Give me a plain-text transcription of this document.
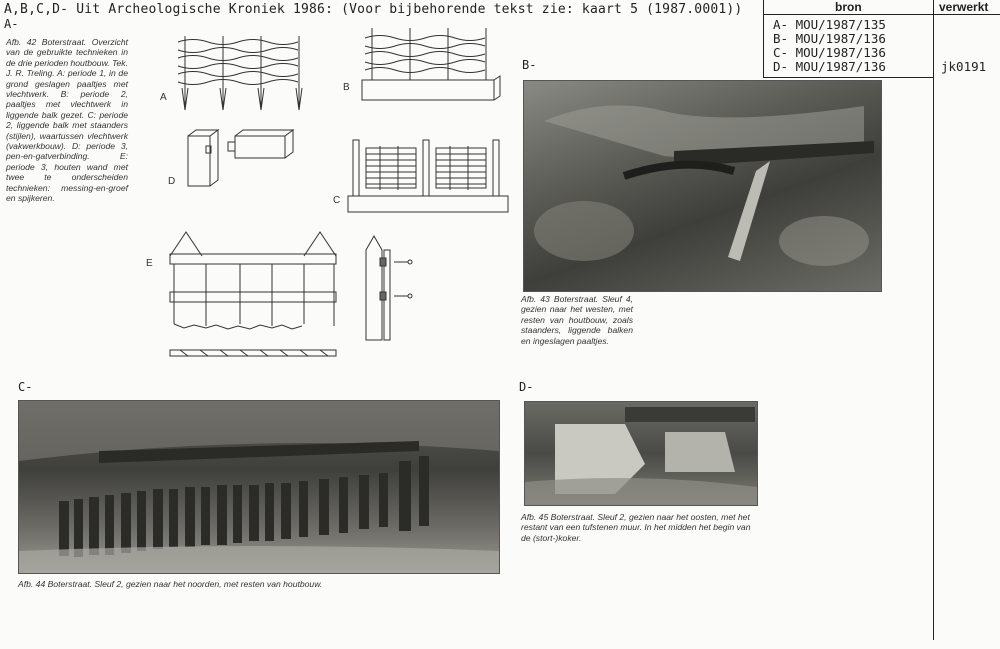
A,B,C,D- Uit Archeologische Kroniek 1986: (Voor bijbehorende tekst zie: kaart 5 (1987.0001))
A-
bron	verwerkt
A- MOU/1987/135
B- MOU/1987/136
C- MOU/1987/136
D- MOU/1987/136	jk0191
Afb. 42 Boterstraat. Overzicht van de gebruikte technieken in de drie perioden houtbouw. Tek. J. R. Treling. A: periode 1, in de grond geslagen paaltjes met vlechtwerk. B: periode 2, paaltjes met vlechtwerk in liggende balk gezet. C: periode 2, liggende balk met staanders (stijlen), waartussen vlechtwerk (vakwerkbouw). D: periode 3, pen-en-gatverbinding. E: periode 3, houten wand met twee te onderscheiden technieken: messing-en-groef en spijkeren.
A
B
D
C
E
B-
Afb. 43 Boterstraat. Sleuf 4, gezien naar het westen, met resten van houtbouw, zoals staanders, liggende balken en ingeslagen paaltjes.
C-
Afb. 44 Boterstraat. Sleuf 2, gezien naar het noorden, met resten van houtbouw.
D-
Afb. 45 Boterstraat. Sleuf 2, gezien naar het oosten, met het restant van een tufstenen muur. In het midden het begin van de (stort-)koker.
